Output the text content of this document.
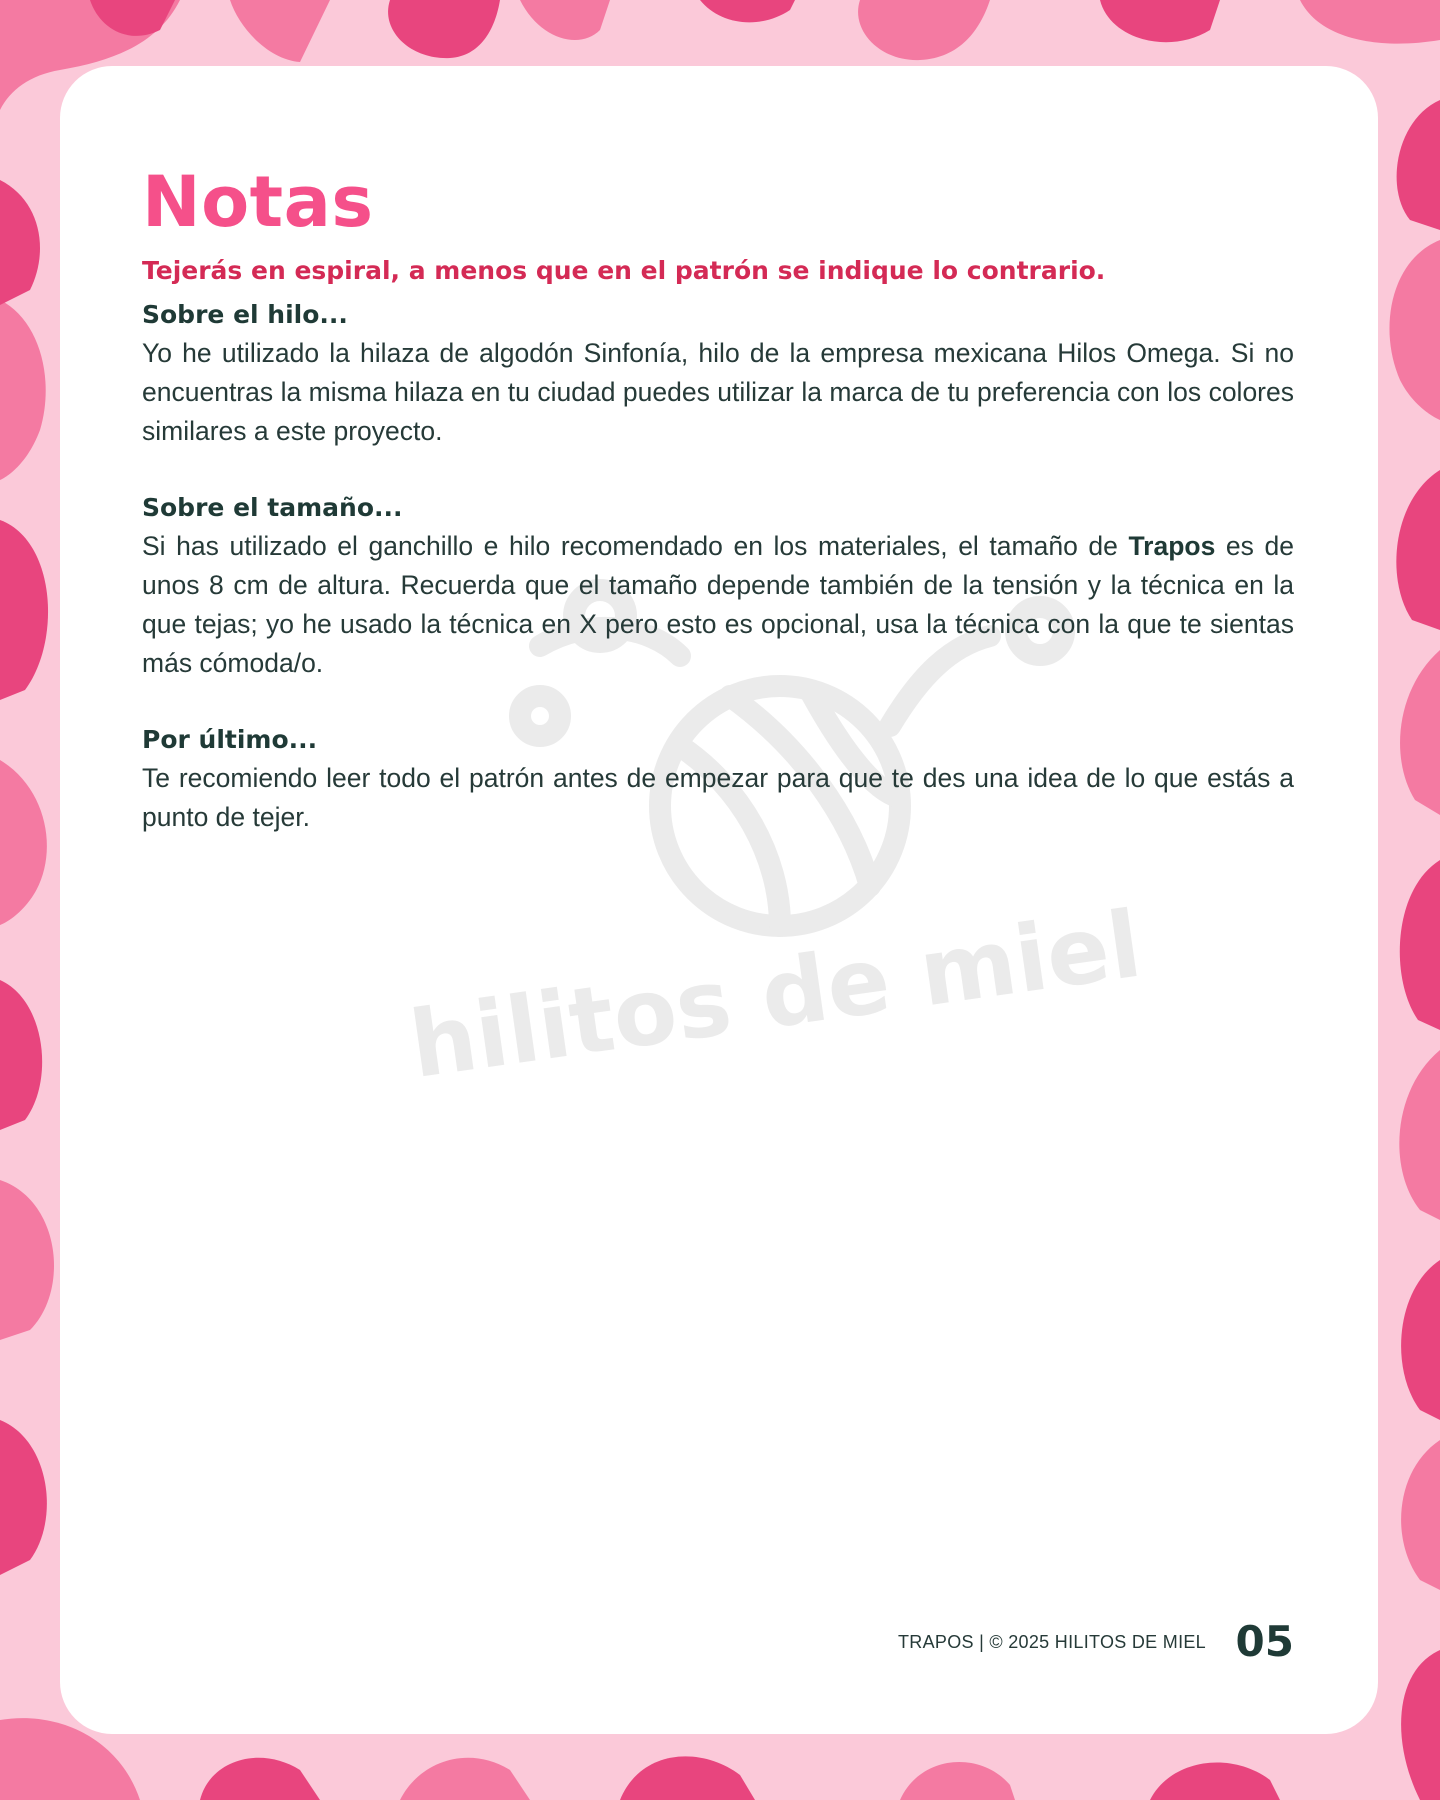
hilitos de miel
Notas

Tejerás en espiral, a menos que en el patrón se indique lo contrario.

Sobre el hilo...

Yo he utilizado la hilaza de algodón Sinfonía, hilo de la empresa mexicana Hilos Omega. Si no encuentras la misma hilaza en tu ciudad puedes utilizar la marca de tu preferencia con los colores similares a este proyecto.

Sobre el tamaño...

Si has utilizado el ganchillo e hilo recomendado en los materiales, el tamaño de Trapos es de unos 8 cm de altura. Recuerda que el tamaño depende también de la tensión y la técnica en la que tejas; yo he usado la técnica en X pero esto es opcional, usa la técnica con la que te sientas más cómoda/o.

Por último...

Te recomiendo leer todo el patrón antes de empezar para que te des una idea de lo que estás a punto de tejer.

TRAPOS | © 2025 HILITOS DE MIEL 05
